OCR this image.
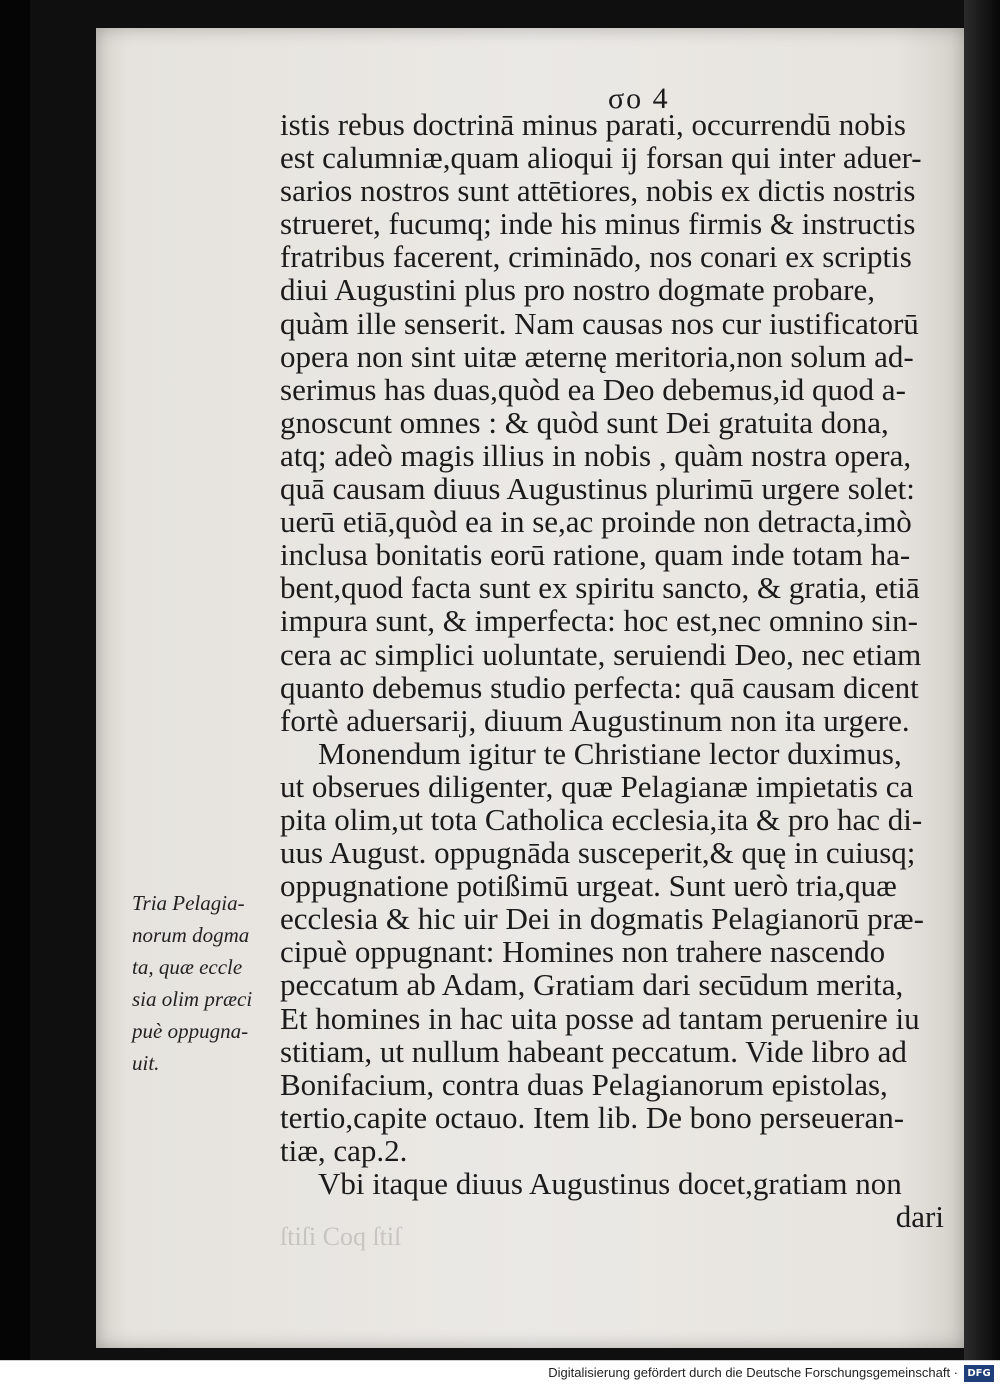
σο 4
istis rebus doctrinā minus parati, occurrendū nobis
est calumniæ,quam alioqui ij forsan qui inter aduer-
sarios nostros sunt attētiores, nobis ex dictis nostris
strueret, fucumq; inde his minus firmis & instructis
fratribus facerent, criminādo, nos conari ex scriptis
diui Augustini plus pro nostro dogmate probare,
quàm ille senserit. Nam causas nos cur iustificatorū
opera non sint uitæ æternę meritoria,non solum ad-
serimus has duas,quòd ea Deo debemus,id quod a-
gnoscunt omnes : & quòd sunt Dei gratuita dona,
atq; adeò magis illius in nobis , quàm nostra opera,
quā causam diuus Augustinus plurimū urgere solet:
uerū etiā,quòd ea in se,ac proinde non detracta,imò
inclusa bonitatis eorū ratione, quam inde totam ha-
bent,quod facta sunt ex spiritu sancto, & gratia, etiā
impura sunt, & imperfecta: hoc est,nec omnino sin-
cera ac simplici uoluntate, seruiendi Deo, nec etiam
quanto debemus studio perfecta: quā causam dicent
fortè aduersarij, diuum Augustinum non ita urgere.
Monendum igitur te Christiane lector duximus,
ut obserues diligenter, quæ Pelagianæ impietatis ca
pita olim,ut tota Catholica ecclesia,ita & pro hac di-
uus August. oppugnāda susceperit,& quę in cuiusq;
oppugnatione potißimū urgeat. Sunt uerò tria,quæ
ecclesia & hic uir Dei in dogmatis Pelagianorū præ-
cipuè oppugnant: Homines non trahere nascendo
peccatum ab Adam, Gratiam dari secūdum merita,
Et homines in hac uita posse ad tantam peruenire iu
stitiam, ut nullum habeant peccatum. Vide libro ad
Bonifacium, contra duas Pelagianorum epistolas,
tertio,capite octauo. Item lib. De bono perseueran-
tiæ, cap.2.
Vbi itaque diuus Augustinus docet,gratiam non
dari
Tria Pelagia-
norum dogma
ta, quæ eccle
sia olim præci
puè oppugna-
uit.
ſtiſi Coq ſtiſ
Digitalisierung gefördert durch die Deutsche Forschungsgemeinschaft · DFG
